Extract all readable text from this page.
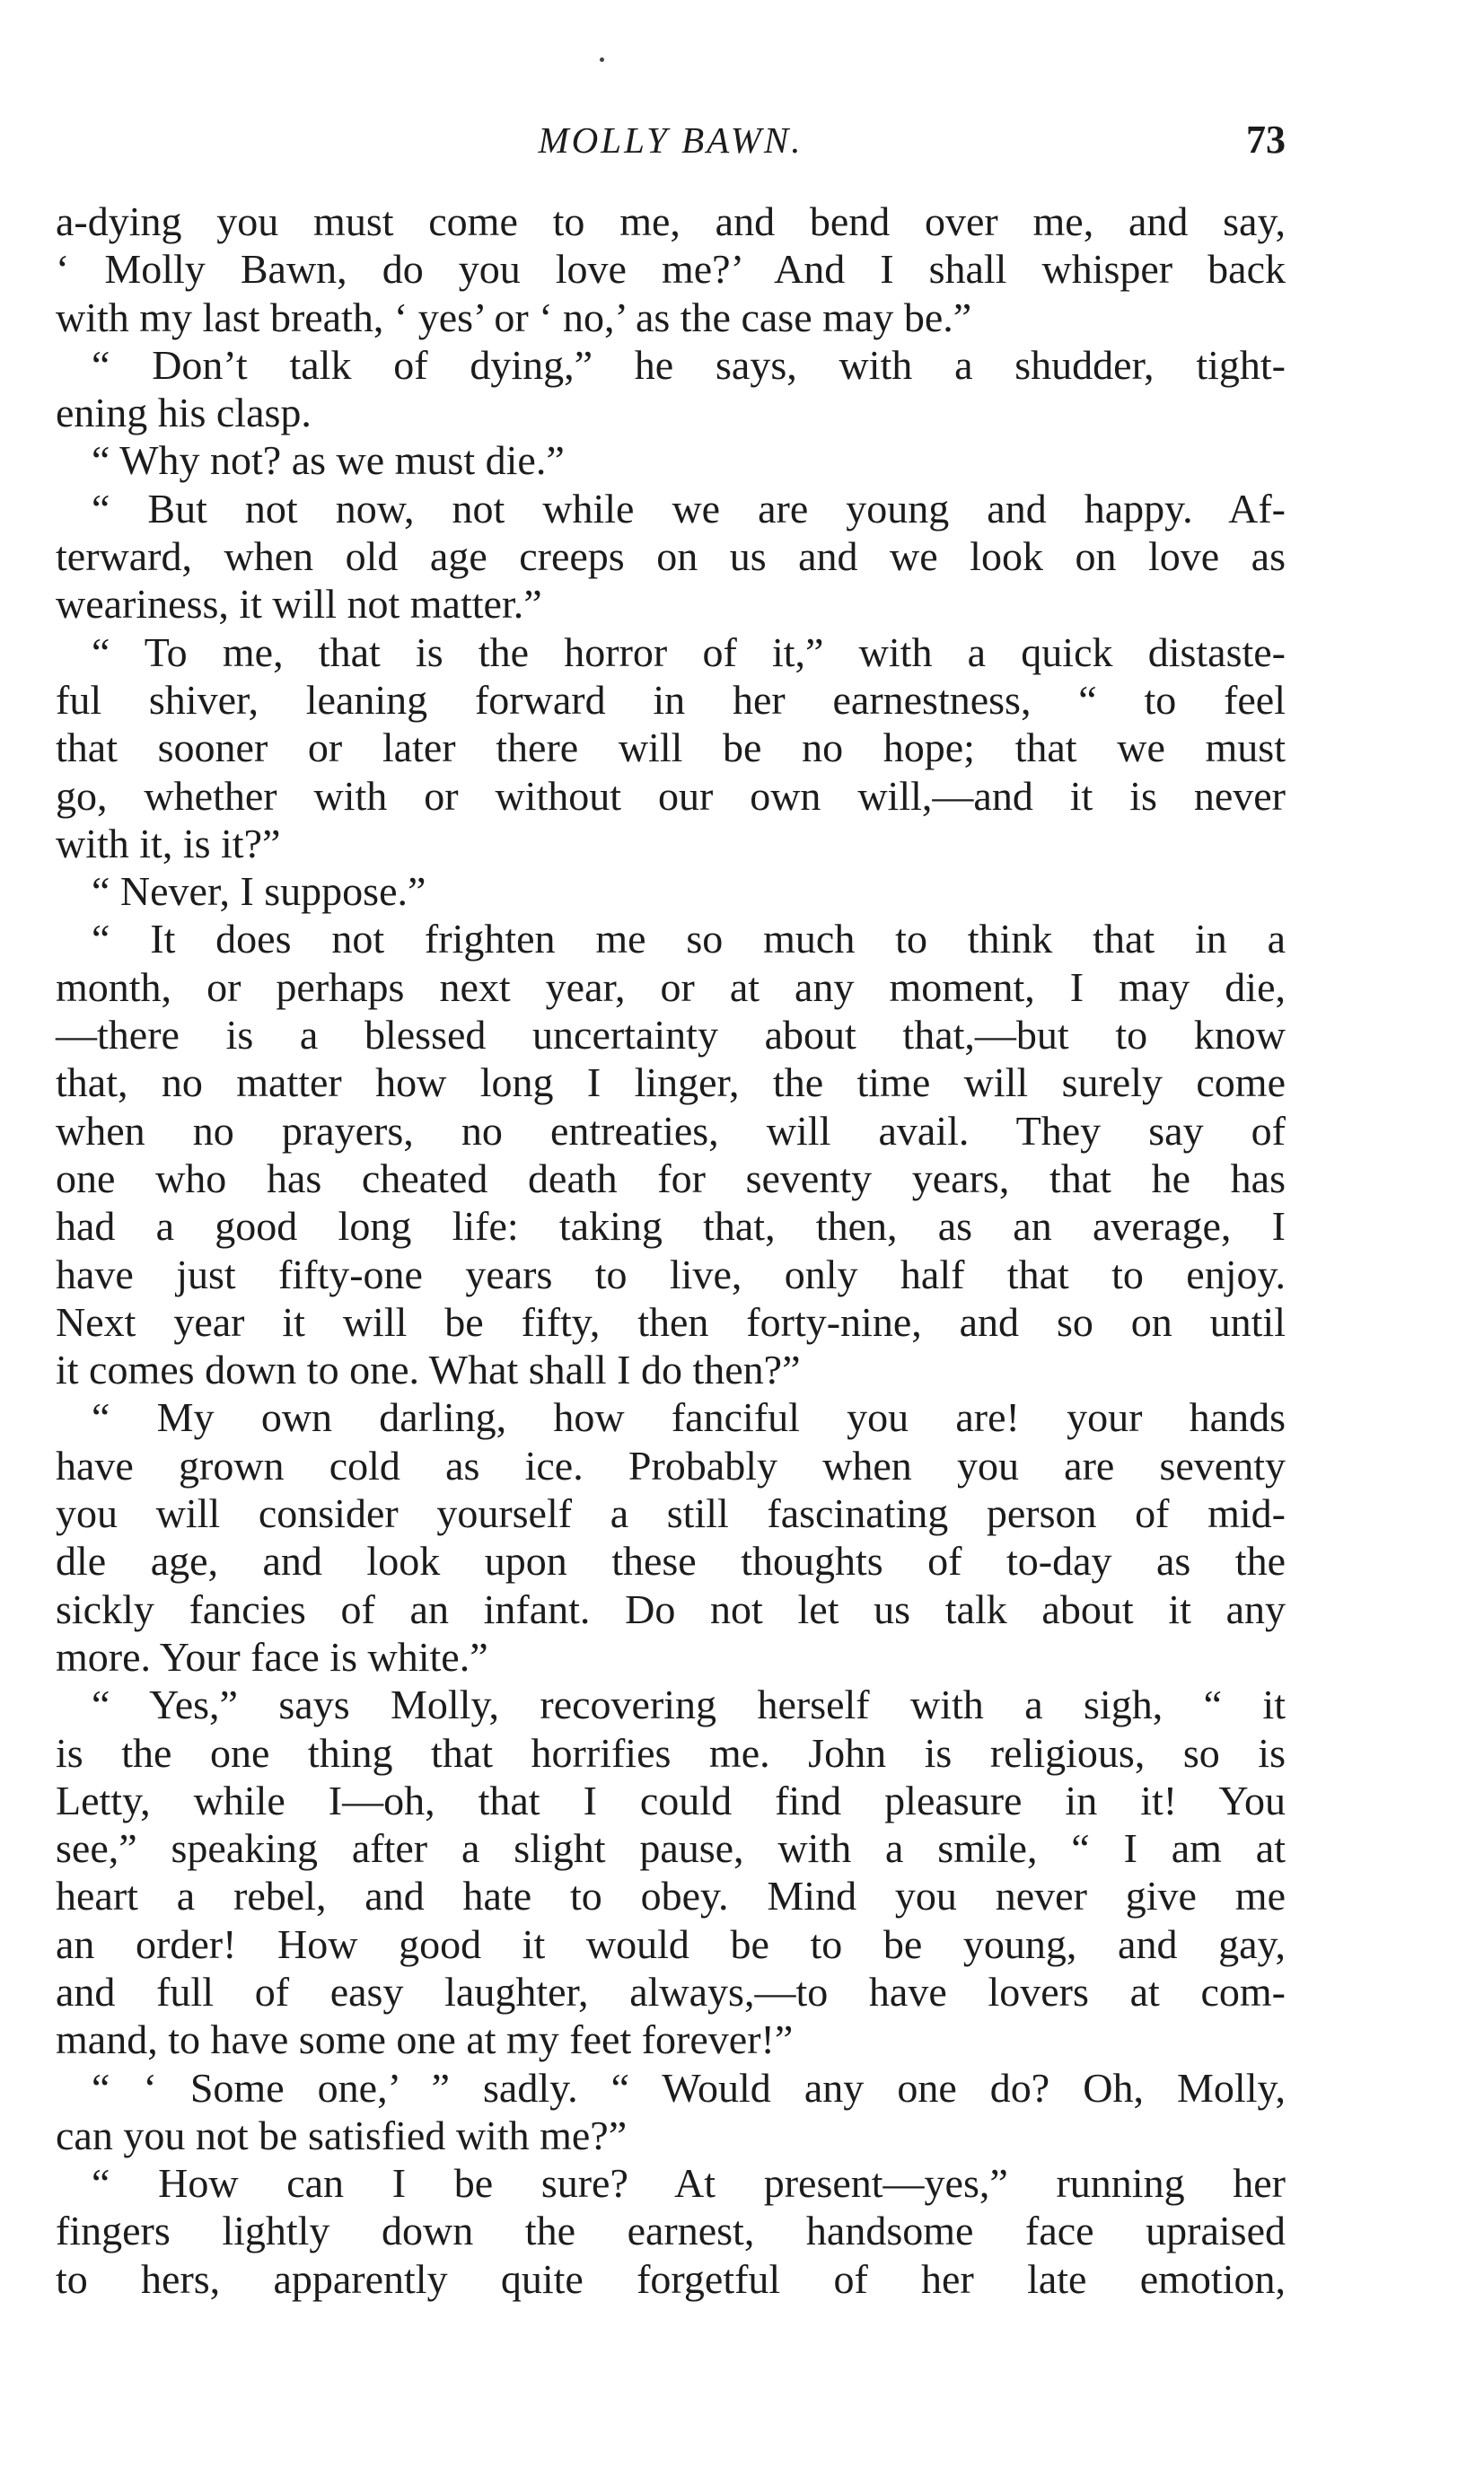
MOLLY BAWN.	73
a-dying you must come to me, and bend over me, and say,
‘ Molly Bawn, do you love me?’ And I shall whisper back
with my last breath, ‘ yes’ or ‘ no,’ as the case may be.”
“ Don’t talk of dying,” he says, with a shudder, tight-
ening his clasp.
“ Why not? as we must die.”
“ But not now, not while we are young and happy. Af-
terward, when old age creeps on us and we look on love as
weariness, it will not matter.”
“ To me, that is the horror of it,” with a quick distaste-
ful shiver, leaning forward in her earnestness, “ to feel
that sooner or later there will be no hope; that we must
go, whether with or without our own will,—and it is never
with it, is it?”
“ Never, I suppose.”
“ It does not frighten me so much to think that in a
month, or perhaps next year, or at any moment, I may die,
—there is a blessed uncertainty about that,—but to know
that, no matter how long I linger, the time will surely come
when no prayers, no entreaties, will avail. They say of
one who has cheated death for seventy years, that he has
had a good long life: taking that, then, as an average, I
have just fifty-one years to live, only half that to enjoy.
Next year it will be fifty, then forty-nine, and so on until
it comes down to one. What shall I do then?”
“ My own darling, how fanciful you are! your hands
have grown cold as ice. Probably when you are seventy
you will consider yourself a still fascinating person of mid-
dle age, and look upon these thoughts of to-day as the
sickly fancies of an infant. Do not let us talk about it any
more. Your face is white.”
“ Yes,” says Molly, recovering herself with a sigh, “ it
is the one thing that horrifies me. John is religious, so is
Letty, while I—oh, that I could find pleasure in it! You
see,” speaking after a slight pause, with a smile, “ I am at
heart a rebel, and hate to obey. Mind you never give me
an order! How good it would be to be young, and gay,
and full of easy laughter, always,—to have lovers at com-
mand, to have some one at my feet forever!”
“ ‘ Some one,’ ” sadly. “ Would any one do? Oh, Molly,
can you not be satisfied with me?”
“ How can I be sure? At present—yes,” running her
fingers lightly down the earnest, handsome face upraised
to hers, apparently quite forgetful of her late emotion,
